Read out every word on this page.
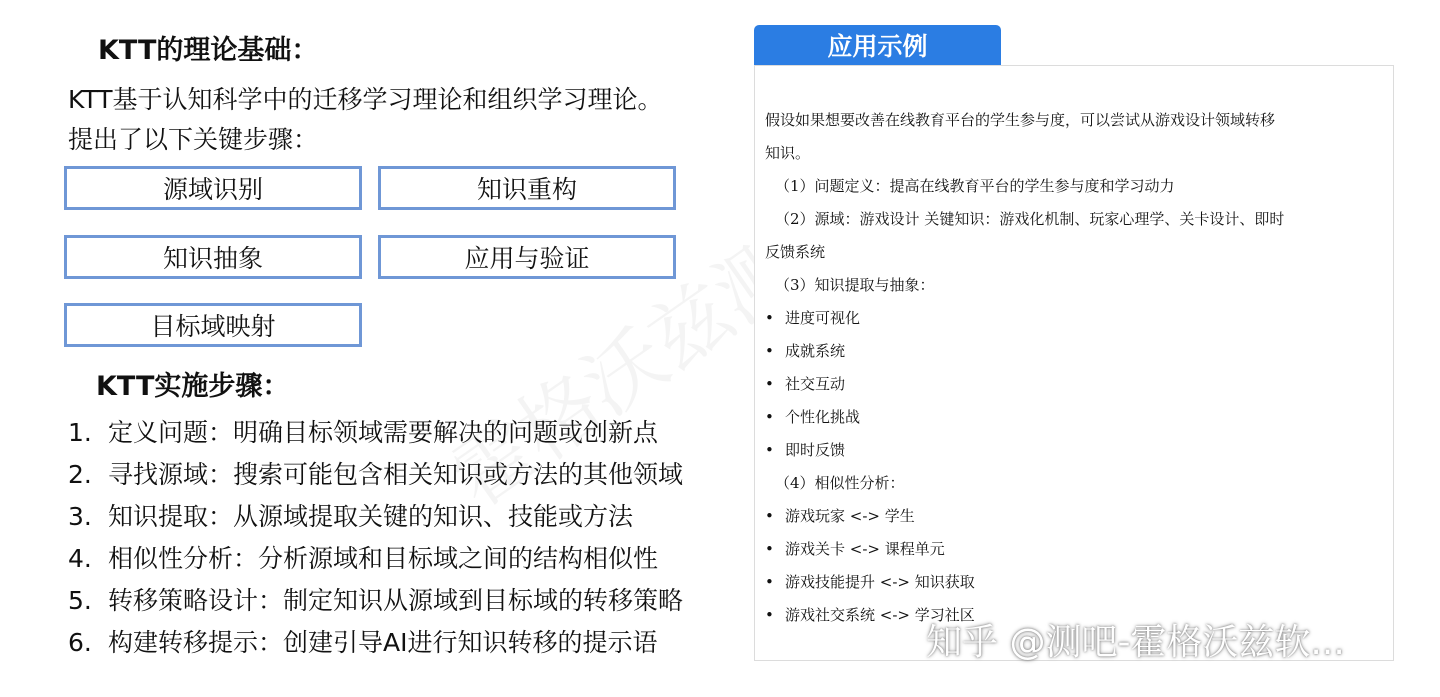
KTT的理论基础：
KTT基于认知科学中的迁移学习理论和组织学习理论。
提出了以下关键步骤：
源域识别	知识重构
知识抽象	应用与验证
目标域映射
KTT实施步骤：
1. 定义问题：明确目标领域需要解决的问题或创新点
2. 寻找源域：搜索可能包含相关知识或方法的其他领域
3. 知识提取：从源域提取关键的知识、技能或方法
4. 相似性分析：分析源域和目标域之间的结构相似性
5. 转移策略设计：制定知识从源域到目标域的转移策略
6. 构建转移提示：创建引导AI进行知识转移的提示语
应用示例
假设如果想要改善在线教育平台的学生参与度，可以尝试从游戏设计领域转移
知识。
（1）问题定义：提高在线教育平台的学生参与度和学习动力
（2）源域：游戏设计 关键知识：游戏化机制、玩家心理学、关卡设计、即时
反馈系统
（3）知识提取与抽象：
• 进度可视化
• 成就系统
• 社交互动
• 个性化挑战
• 即时反馈
（4）相似性分析：
• 游戏玩家 <-> 学生
• 游戏关卡 <-> 课程单元
• 游戏技能提升 <-> 知识获取
• 游戏社交系统 <-> 学习社区
知乎 @测吧-霍格沃兹软...
